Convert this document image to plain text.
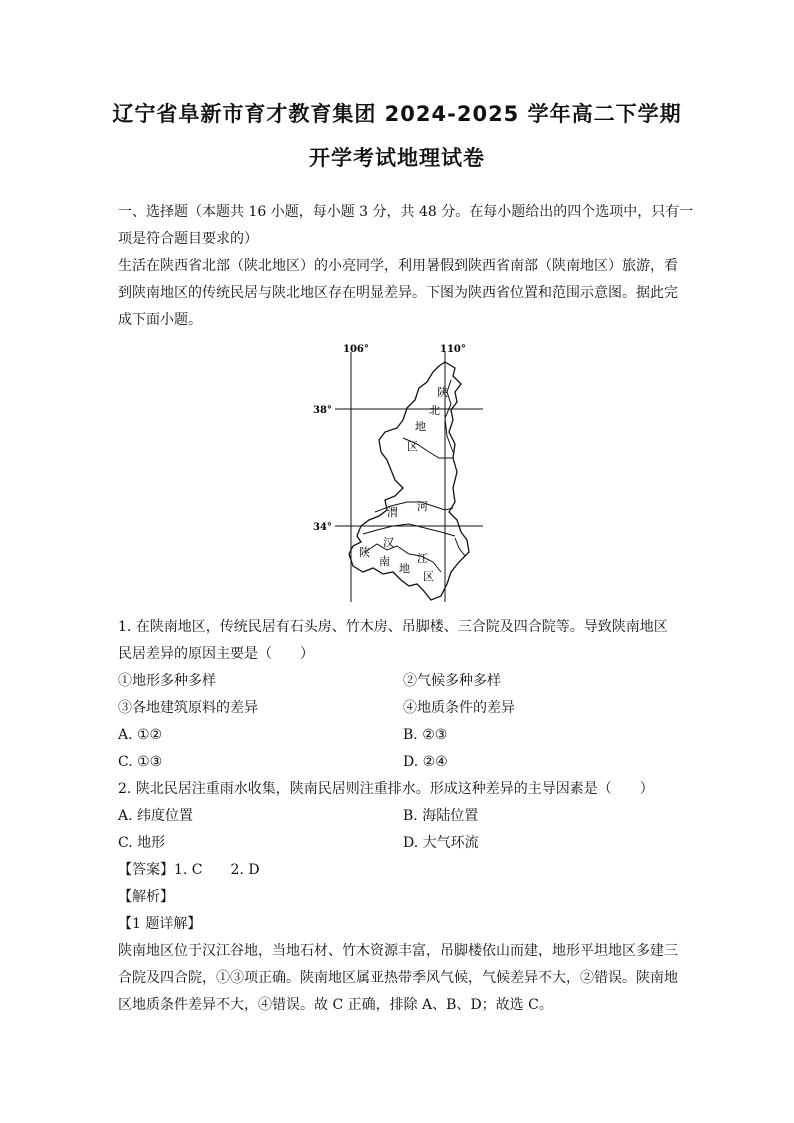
辽宁省阜新市育才教育集团 2024-2025 学年高二下学期
开学考试地理试卷
一、选择题（本题共 16 小题，每小题 3 分，共 48 分。在每小题给出的四个选项中，只有一
项是符合题目要求的）
生活在陕西省北部（陕北地区）的小亮同学，利用暑假到陕西省南部（陕南地区）旅游，看
到陕南地区的传统民居与陕北地区存在明显差异。下图为陕西省位置和范围示意图。据此完
成下面小题。
106°	110°
38°
34°
陕
北
地
区
渭 河
汉
陕
南 江
地
区
1. 在陕南地区，传统民居有石头房、竹木房、吊脚楼、三合院及四合院等。导致陕南地区
民居差异的原因主要是（　　）
①地形多种多样	②气候多种多样
③各地建筑原料的差异	④地质条件的差异
A. ①②	B. ②③
C. ①③	D. ②④
2. 陕北民居注重雨水收集，陕南民居则注重排水。形成这种差异的主导因素是（　　）
A. 纬度位置	B. 海陆位置
C. 地形	D. 大气环流
【答案】1. C　　2. D
【解析】
【1 题详解】
陕南地区位于汉江谷地，当地石材、竹木资源丰富，吊脚楼依山而建，地形平坦地区多建三
合院及四合院，①③项正确。陕南地区属亚热带季风气候，气候差异不大，②错误。陕南地
区地质条件差异不大，④错误。故 C 正确，排除 A、B、D；故选 C。
